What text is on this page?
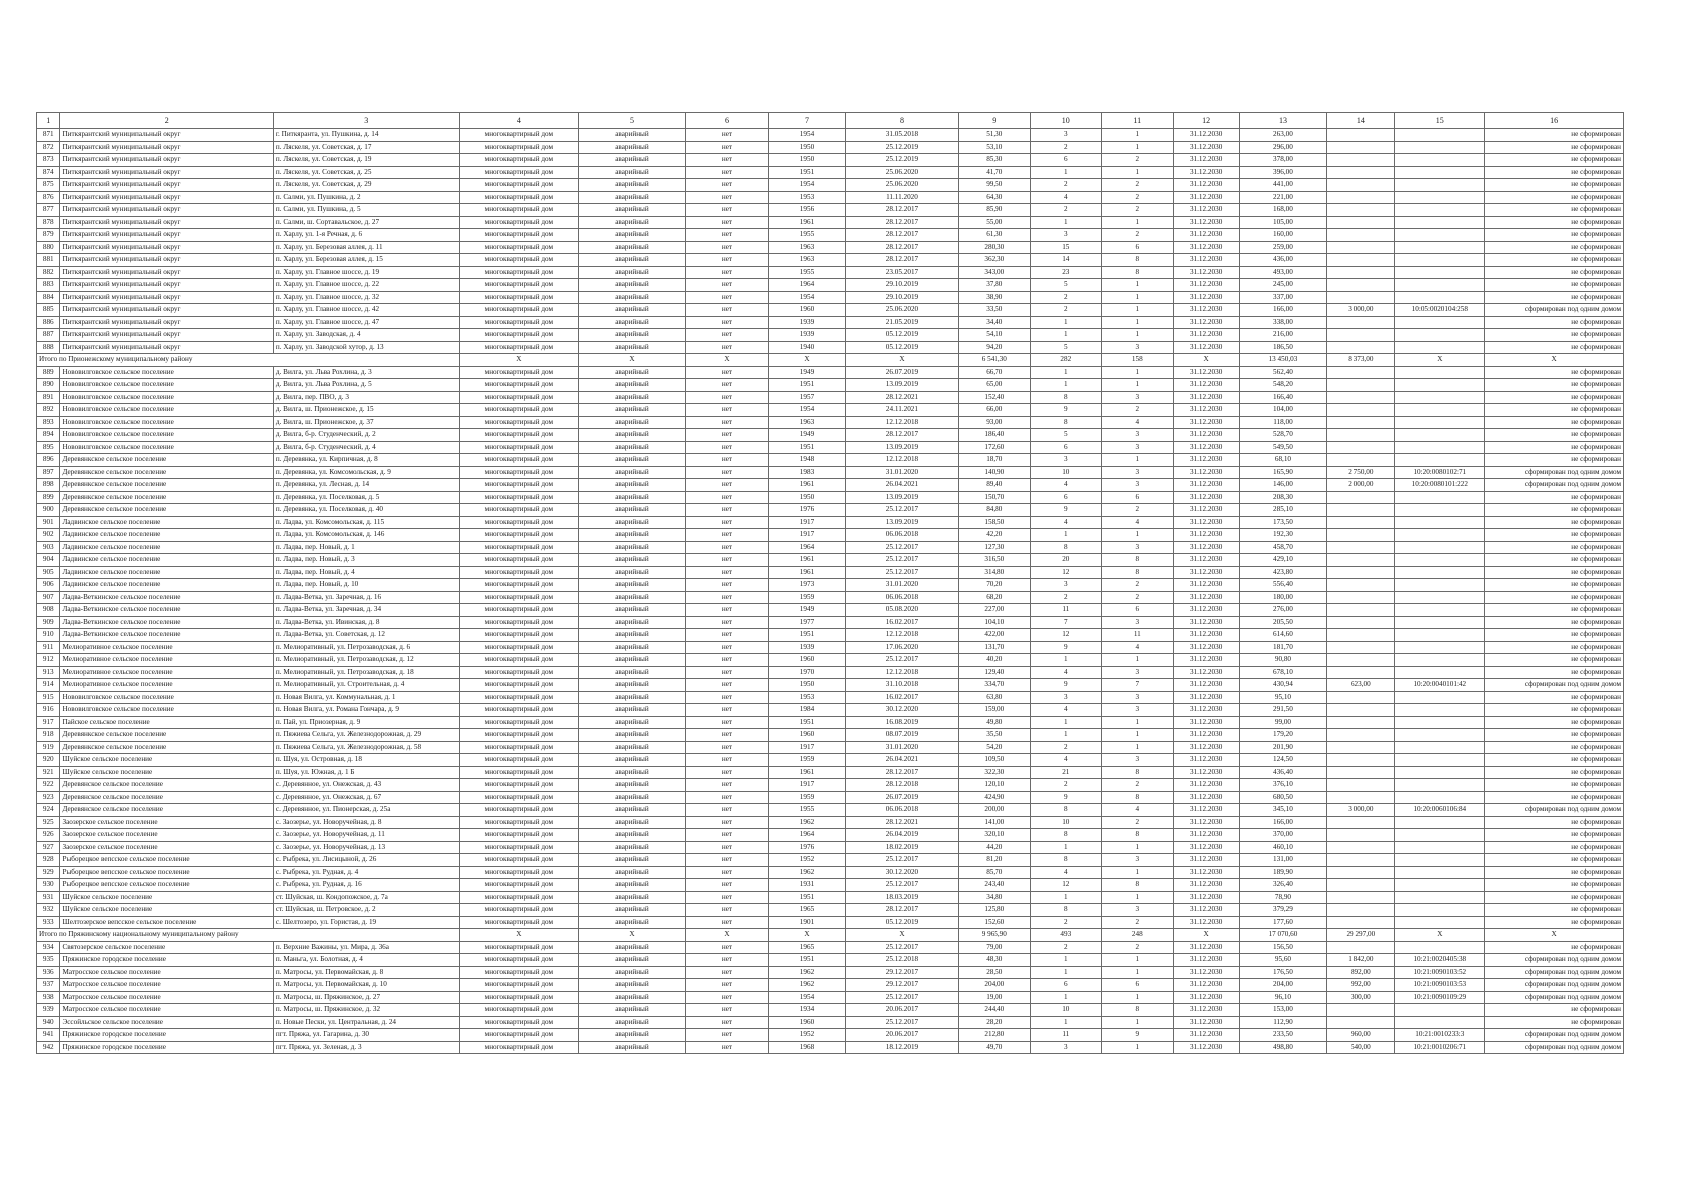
1	2	3	4	5	6	7	8	9	10	11	12	13	14	15	16
871	Питкярантский муниципальный округ	г. Питкяранта, ул. Пушкина, д. 14	многоквартирный дом	аварийный	нет	1954	31.05.2018	51,30	3	1	31.12.2030	263,00			не сформирован
872	Питкярантский муниципальный округ	п. Ляскеля, ул. Советская, д. 17	многоквартирный дом	аварийный	нет	1950	25.12.2019	53,10	2	1	31.12.2030	296,00			не сформирован
873	Питкярантский муниципальный округ	п. Ляскеля, ул. Советская, д. 19	многоквартирный дом	аварийный	нет	1950	25.12.2019	85,30	6	2	31.12.2030	378,00			не сформирован
874	Питкярантский муниципальный округ	п. Ляскеля, ул. Советская, д. 25	многоквартирный дом	аварийный	нет	1951	25.06.2020	41,70	1	1	31.12.2030	396,00			не сформирован
875	Питкярантский муниципальный округ	п. Ляскеля, ул. Советская, д. 29	многоквартирный дом	аварийный	нет	1954	25.06.2020	99,50	2	2	31.12.2030	441,00			не сформирован
876	Питкярантский муниципальный округ	п. Салми, ул. Пушкина, д. 2	многоквартирный дом	аварийный	нет	1953	11.11.2020	64,30	4	2	31.12.2030	221,00			не сформирован
877	Питкярантский муниципальный округ	п. Салми, ул. Пушкина, д. 5	многоквартирный дом	аварийный	нет	1956	28.12.2017	85,90	2	2	31.12.2030	168,00			не сформирован
878	Питкярантский муниципальный округ	п. Салми, ш. Сортавальское, д. 27	многоквартирный дом	аварийный	нет	1961	28.12.2017	55,00	1	1	31.12.2030	105,00			не сформирован
879	Питкярантский муниципальный округ	п. Харлу, ул. 1-я Речная, д. 6	многоквартирный дом	аварийный	нет	1955	28.12.2017	61,30	3	2	31.12.2030	160,00			не сформирован
880	Питкярантский муниципальный округ	п. Харлу, ул. Березовая аллея, д. 11	многоквартирный дом	аварийный	нет	1963	28.12.2017	280,30	15	6	31.12.2030	259,00			не сформирован
881	Питкярантский муниципальный округ	п. Харлу, ул. Березовая аллея, д. 15	многоквартирный дом	аварийный	нет	1963	28.12.2017	362,30	14	8	31.12.2030	436,00			не сформирован
882	Питкярантский муниципальный округ	п. Харлу, ул. Главное шоссе, д. 19	многоквартирный дом	аварийный	нет	1955	23.05.2017	343,00	23	8	31.12.2030	493,00			не сформирован
883	Питкярантский муниципальный округ	п. Харлу, ул. Главное шоссе, д. 22	многоквартирный дом	аварийный	нет	1964	29.10.2019	37,80	5	1	31.12.2030	245,00			не сформирован
884	Питкярантский муниципальный округ	п. Харлу, ул. Главное шоссе, д. 32	многоквартирный дом	аварийный	нет	1954	29.10.2019	38,90	2	1	31.12.2030	337,00			не сформирован
885	Питкярантский муниципальный округ	п. Харлу, ул. Главное шоссе, д. 42	многоквартирный дом	аварийный	нет	1960	25.06.2020	33,50	2	1	31.12.2030	166,00	3 000,00	10:05:0020104:258	сформирован под одним домом
886	Питкярантский муниципальный округ	п. Харлу, ул. Главное шоссе, д. 47	многоквартирный дом	аварийный	нет	1939	21.05.2019	34,40	1	1	31.12.2030	338,00			не сформирован
887	Питкярантский муниципальный округ	п. Харлу, ул. Заводская, д. 4	многоквартирный дом	аварийный	нет	1939	05.12.2019	54,10	1	1	31.12.2030	216,00			не сформирован
888	Питкярантский муниципальный округ	п. Харлу, ул. Заводской хутор, д. 13	многоквартирный дом	аварийный	нет	1940	05.12.2019	94,20	5	3	31.12.2030	186,50			не сформирован
Итого по Прионежскому муниципальному району			X	X	X	X	X	6 541,30	282	158	X	13 450,03	8 373,00	X	X
889	Нововилговское сельское поселение	д. Вилга, ул. Льва Рохлина, д. 3	многоквартирный дом	аварийный	нет	1949	26.07.2019	66,70	1	1	31.12.2030	562,40			не сформирован
890	Нововилговское сельское поселение	д. Вилга, ул. Льва Рохлина, д. 5	многоквартирный дом	аварийный	нет	1951	13.09.2019	65,00	1	1	31.12.2030	548,20			не сформирован
891	Нововилговское сельское поселение	д. Вилга, пер. ПВО, д. 3	многоквартирный дом	аварийный	нет	1957	28.12.2021	152,40	8	3	31.12.2030	166,40			не сформирован
892	Нововилговское сельское поселение	д. Вилга, ш. Прионежское, д. 15	многоквартирный дом	аварийный	нет	1954	24.11.2021	66,00	9	2	31.12.2030	104,00			не сформирован
893	Нововилговское сельское поселение	д. Вилга, ш. Прионежское, д. 37	многоквартирный дом	аварийный	нет	1963	12.12.2018	93,00	8	4	31.12.2030	118,00			не сформирован
894	Нововилговское сельское поселение	д. Вилга, б-р. Студенческий, д. 2	многоквартирный дом	аварийный	нет	1949	28.12.2017	186,40	5	3	31.12.2030	528,70			не сформирован
895	Нововилговское сельское поселение	д. Вилга, б-р. Студенческий, д. 4	многоквартирный дом	аварийный	нет	1951	13.09.2019	172,60	6	3	31.12.2030	549,50			не сформирован
896	Деревянкское сельское поселение	п. Деревянка, ул. Кирпичная, д. 8	многоквартирный дом	аварийный	нет	1948	12.12.2018	18,70	3	1	31.12.2030	68,10			не сформирован
897	Деревянкское сельское поселение	п. Деревянка, ул. Комсомольская, д. 9	многоквартирный дом	аварийный	нет	1983	31.01.2020	140,90	10	3	31.12.2030	165,90	2 750,00	10:20:0080102:71	сформирован под одним домом
898	Деревянкское сельское поселение	п. Деревянка, ул. Лесная, д. 14	многоквартирный дом	аварийный	нет	1961	26.04.2021	89,40	4	3	31.12.2030	146,00	2 000,00	10:20:0080101:222	сформирован под одним домом
899	Деревянкское сельское поселение	п. Деревянка, ул. Поселковая, д. 5	многоквартирный дом	аварийный	нет	1950	13.09.2019	150,70	6	6	31.12.2030	208,30			не сформирован
900	Деревянкское сельское поселение	п. Деревянка, ул. Поселковая, д. 40	многоквартирный дом	аварийный	нет	1976	25.12.2017	84,80	9	2	31.12.2030	285,10			не сформирован
901	Ладвинское сельское поселение	п. Ладва, ул. Комсомольская, д. 115	многоквартирный дом	аварийный	нет	1917	13.09.2019	158,50	4	4	31.12.2030	173,50			не сформирован
902	Ладвинское сельское поселение	п. Ладва, ул. Комсомольская, д. 146	многоквартирный дом	аварийный	нет	1917	06.06.2018	42,20	1	1	31.12.2030	192,30			не сформирован
903	Ладвинское сельское поселение	п. Ладва, пер. Новый, д. 1	многоквартирный дом	аварийный	нет	1964	25.12.2017	127,30	8	3	31.12.2030	458,70			не сформирован
904	Ладвинское сельское поселение	п. Ладва, пер. Новый, д. 3	многоквартирный дом	аварийный	нет	1961	25.12.2017	316,50	20	8	31.12.2030	429,10			не сформирован
905	Ладвинское сельское поселение	п. Ладва, пер. Новый, д. 4	многоквартирный дом	аварийный	нет	1961	25.12.2017	314,80	12	8	31.12.2030	423,80			не сформирован
906	Ладвинское сельское поселение	п. Ладва, пер. Новый, д. 10	многоквартирный дом	аварийный	нет	1973	31.01.2020	70,20	3	2	31.12.2030	556,40			не сформирован
907	Ладва-Веткинское сельское поселение	п. Ладва-Ветка, ул. Заречная, д. 16	многоквартирный дом	аварийный	нет	1959	06.06.2018	68,20	2	2	31.12.2030	180,00			не сформирован
908	Ладва-Веткинское сельское поселение	п. Ладва-Ветка, ул. Заречная, д. 34	многоквартирный дом	аварийный	нет	1949	05.08.2020	227,00	11	6	31.12.2030	276,00			не сформирован
909	Ладва-Веткинское сельское поселение	п. Ладва-Ветка, ул. Ивинская, д. 8	многоквартирный дом	аварийный	нет	1977	16.02.2017	104,10	7	3	31.12.2030	205,50			не сформирован
910	Ладва-Веткинское сельское поселение	п. Ладва-Ветка, ул. Советская, д. 12	многоквартирный дом	аварийный	нет	1951	12.12.2018	422,00	12	11	31.12.2030	614,60			не сформирован
911	Мелиоративное сельское поселение	п. Мелиоративный, ул. Петрозаводская, д. 6	многоквартирный дом	аварийный	нет	1939	17.06.2020	131,70	9	4	31.12.2030	181,70			не сформирован
912	Мелиоративное сельское поселение	п. Мелиоративный, ул. Петрозаводская, д. 12	многоквартирный дом	аварийный	нет	1960	25.12.2017	40,20	1	1	31.12.2030	90,80			не сформирован
913	Мелиоративное сельское поселение	п. Мелиоративный, ул. Петрозаводская, д. 18	многоквартирный дом	аварийный	нет	1970	12.12.2018	129,40	4	3	31.12.2030	678,10			не сформирован
914	Мелиоративное сельское поселение	п. Мелиоративный, ул. Строительная, д. 4	многоквартирный дом	аварийный	нет	1950	31.10.2018	334,70	9	7	31.12.2030	430,94	623,00	10:20:0040101:42	сформирован под одним домом
915	Нововилговское сельское поселение	п. Новая Вилга, ул. Коммунальная, д. 1	многоквартирный дом	аварийный	нет	1953	16.02.2017	63,80	3	3	31.12.2030	95,10			не сформирован
916	Нововилговское сельское поселение	п. Новая Вилга, ул. Романа Гончара, д. 9	многоквартирный дом	аварийный	нет	1984	30.12.2020	159,00	4	3	31.12.2030	291,50			не сформирован
917	Пайское сельское поселение	п. Пай, ул. Приозерная, д. 9	многоквартирный дом	аварийный	нет	1951	16.08.2019	49,80	1	1	31.12.2030	99,00			не сформирован
918	Деревянкское сельское поселение	п. Пяжиева Сельга, ул. Железнодорожная, д. 29	многоквартирный дом	аварийный	нет	1960	08.07.2019	35,50	1	1	31.12.2030	179,20			не сформирован
919	Деревянкское сельское поселение	п. Пяжиева Сельга, ул. Железнодорожная, д. 58	многоквартирный дом	аварийный	нет	1917	31.01.2020	54,20	2	1	31.12.2030	201,90			не сформирован
920	Шуйское сельское поселение	п. Шуя, ул. Островная, д. 18	многоквартирный дом	аварийный	нет	1959	26.04.2021	109,50	4	3	31.12.2030	124,50			не сформирован
921	Шуйское сельское поселение	п. Шуя, ул. Южная, д. 1 Б	многоквартирный дом	аварийный	нет	1961	28.12.2017	322,30	21	8	31.12.2030	436,40			не сформирован
922	Деревянское сельское поселение	с. Деревянное, ул. Онежская, д. 43	многоквартирный дом	аварийный	нет	1917	28.12.2018	120,10	2	2	31.12.2030	376,10			не сформирован
923	Деревянское сельское поселение	с. Деревянное, ул. Онежская, д. 67	многоквартирный дом	аварийный	нет	1959	26.07.2019	424,90	9	8	31.12.2030	680,50			не сформирован
924	Деревянское сельское поселение	с. Деревянное, ул. Пионерская, д. 25а	многоквартирный дом	аварийный	нет	1955	06.06.2018	200,00	8	4	31.12.2030	345,10	3 000,00	10:20:0060106:84	сформирован под одним домом
925	Заозерское сельское поселение	с. Заозерье, ул. Новоручейная, д. 8	многоквартирный дом	аварийный	нет	1962	28.12.2021	141,00	10	2	31.12.2030	166,00			не сформирован
926	Заозерское сельское поселение	с. Заозерье, ул. Новоручейная, д. 11	многоквартирный дом	аварийный	нет	1964	26.04.2019	320,10	8	8	31.12.2030	370,00			не сформирован
927	Заозерское сельское поселение	с. Заозерье, ул. Новоручейная, д. 13	многоквартирный дом	аварийный	нет	1976	18.02.2019	44,20	1	1	31.12.2030	460,10			не сформирован
928	Рыборецкое вепсское сельское поселение	с. Рыбрека, ул. Лисицыной, д. 26	многоквартирный дом	аварийный	нет	1952	25.12.2017	81,20	8	3	31.12.2030	131,00			не сформирован
929	Рыборецкое вепсское сельское поселение	с. Рыбрека, ул. Рудная, д. 4	многоквартирный дом	аварийный	нет	1962	30.12.2020	85,70	4	1	31.12.2030	189,90			не сформирован
930	Рыборецкое вепсское сельское поселение	с. Рыбрека, ул. Рудная, д. 16	многоквартирный дом	аварийный	нет	1931	25.12.2017	243,40	12	8	31.12.2030	326,40			не сформирован
931	Шуйское сельское поселение	ст. Шуйская, ш. Кондопожское, д. 7а	многоквартирный дом	аварийный	нет	1951	18.03.2019	34,80	1	1	31.12.2030	78,90			не сформирован
932	Шуйское сельское поселение	ст. Шуйская, ш. Петровское, д. 2	многоквартирный дом	аварийный	нет	1965	28.12.2017	125,80	8	3	31.12.2030	379,29			не сформирован
933	Шелтозерское вепсское сельское поселение	с. Шелтозеро, ул. Гористая, д. 19	многоквартирный дом	аварийный	нет	1901	05.12.2019	152,60	2	2	31.12.2030	177,60			не сформирован
Итого по Пряжинскому национальному муниципальному району			X	X	X	X	X	9 965,90	493	248	X	17 070,60	29 297,00	X	X
934	Святозерское сельское поселение	п. Верхние Важины, ул. Мира, д. 36а	многоквартирный дом	аварийный	нет	1965	25.12.2017	79,00	2	2	31.12.2030	156,50			не сформирован
935	Пряжинское городское поселение	п. Маньга, ул. Болотная, д. 4	многоквартирный дом	аварийный	нет	1951	25.12.2018	48,30	1	1	31.12.2030	95,60	1 842,00	10:21:0020405:38	сформирован под одним домом
936	Матросское сельское поселение	п. Матросы, ул. Первомайская, д. 8	многоквартирный дом	аварийный	нет	1962	29.12.2017	28,50	1	1	31.12.2030	176,50	892,00	10:21:0090103:52	сформирован под одним домом
937	Матросское сельское поселение	п. Матросы, ул. Первомайская, д. 10	многоквартирный дом	аварийный	нет	1962	29.12.2017	204,00	6	6	31.12.2030	204,00	992,00	10:21:0090103:53	сформирован под одним домом
938	Матросское сельское поселение	п. Матросы, ш. Пряжинское, д. 27	многоквартирный дом	аварийный	нет	1954	25.12.2017	19,00	1	1	31.12.2030	96,10	300,00	10:21:0090109:29	сформирован под одним домом
939	Матросское сельское поселение	п. Матросы, ш. Пряжинское, д. 32	многоквартирный дом	аварийный	нет	1934	20.06.2017	244,40	10	8	31.12.2030	153,00			не сформирован
940	Эссойльское сельское поселение	п. Новые Пески, ул. Центральная, д. 24	многоквартирный дом	аварийный	нет	1960	25.12.2017	28,20	1	1	31.12.2030	112,90			не сформирован
941	Пряжинское городское поселение	пгт. Пряжа, ул. Гагарина, д. 30	многоквартирный дом	аварийный	нет	1952	20.06.2017	212,80	11	9	31.12.2030	233,50	960,00	10:21:0010233:3	сформирован под одним домом
942	Пряжинское городское поселение	пгт. Пряжа, ул. Зеленая, д. 3	многоквартирный дом	аварийный	нет	1968	18.12.2019	49,70	3	1	31.12.2030	498,80	540,00	10:21:0010206:71	сформирован под одним домом
